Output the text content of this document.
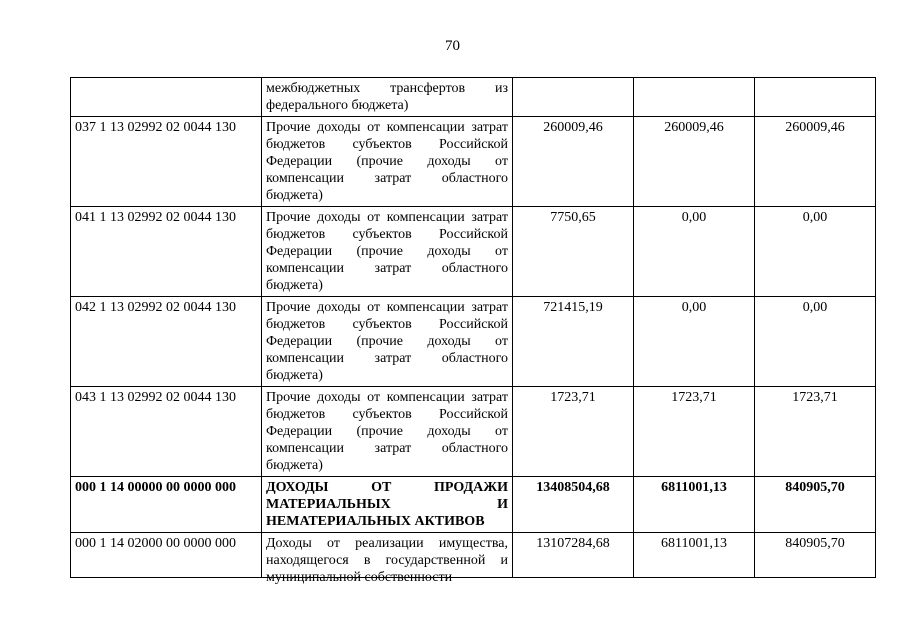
70
	межбюджетных трансфертов из федерального бюджета)			
037 1 13 02992 02 0044 130	Прочие доходы от компенсации затрат бюджетов субъектов Российской Федерации (прочие доходы от компенсации затрат областного бюджета)	260009,46	260009,46	260009,46
041 1 13 02992 02 0044 130	Прочие доходы от компенсации затрат бюджетов субъектов Российской Федерации (прочие доходы от компенсации затрат областного бюджета)	7750,65	0,00	0,00
042 1 13 02992 02 0044 130	Прочие доходы от компенсации затрат бюджетов субъектов Российской Федерации (прочие доходы от компенсации затрат областного бюджета)	721415,19	0,00	0,00
043 1 13 02992 02 0044 130	Прочие доходы от компенсации затрат бюджетов субъектов Российской Федерации (прочие доходы от компенсации затрат областного бюджета)	1723,71	1723,71	1723,71
000 1 14 00000 00 0000 000	ДОХОДЫ ОТ ПРОДАЖИ МАТЕРИАЛЬНЫХ И НЕМАТЕРИАЛЬНЫХ АКТИВОВ	13408504,68	6811001,13	840905,70
000 1 14 02000 00 0000 000	Доходы от реализации имущества, находящегося в государственной и муниципальной собственности	13107284,68	6811001,13	840905,70
